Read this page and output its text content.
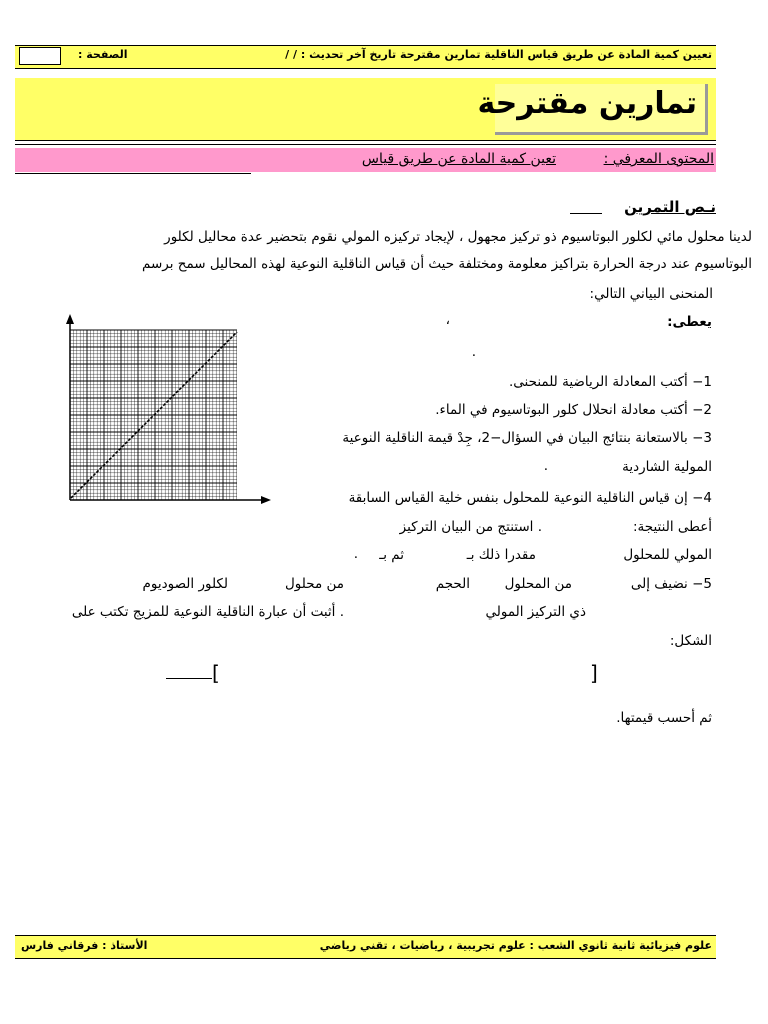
تعيين كمية المادة عن طريق قياس الناقلية تمارين مقترحة تاريخ آخر تحديث : / /
الصفحة :
تمارين مقترحة
المحتوى المعرفي :
تعين كمية المادة عن طريق قياس
نـص التمرين
لدينا محلول مائي لكلور البوتاسيوم ذو تركيز مجهول ، لإيجاد تركيزه المولي نقوم بتحضير عدة محاليل لكلور
البوتاسيوم عند درجة الحرارة بتراكيز معلومة ومختلفة حيث أن قياس الناقلية النوعية لهذه المحاليل سمح برسم
المنحنى البياني التالي:
يعطى:
،
.
1− أكتب المعادلة الرياضية للمنحنى.
2− أكتب معادلة انحلال كلور البوتاسيوم في الماء.
3− بالاستعانة بنتائج البيان في السؤال−2، جِدْ قيمة الناقلية النوعية
المولية الشاردية
.
4− إن قياس الناقلية النوعية للمحلول بنفس خلية القياس السابقة
أعطى النتيجة:
. استنتج من البيان التركيز
المولي للمحلول
مقدرا ذلك بـ
ثم بـ
.
5− نضيف إلى
من المحلول
الحجم
من محلول
لكلور الصوديوم
ذي التركيز المولي
. أثبت أن عبارة الناقلية النوعية للمزيج تكتب على
الشكل:
]
[
ثم أحسب قيمتها.
علوم فيزيائية ثانية ثانوي الشعب : علوم تجريبية ، رياضيات ، تقني رياضي
الأستاذ : فرقاني فارس
